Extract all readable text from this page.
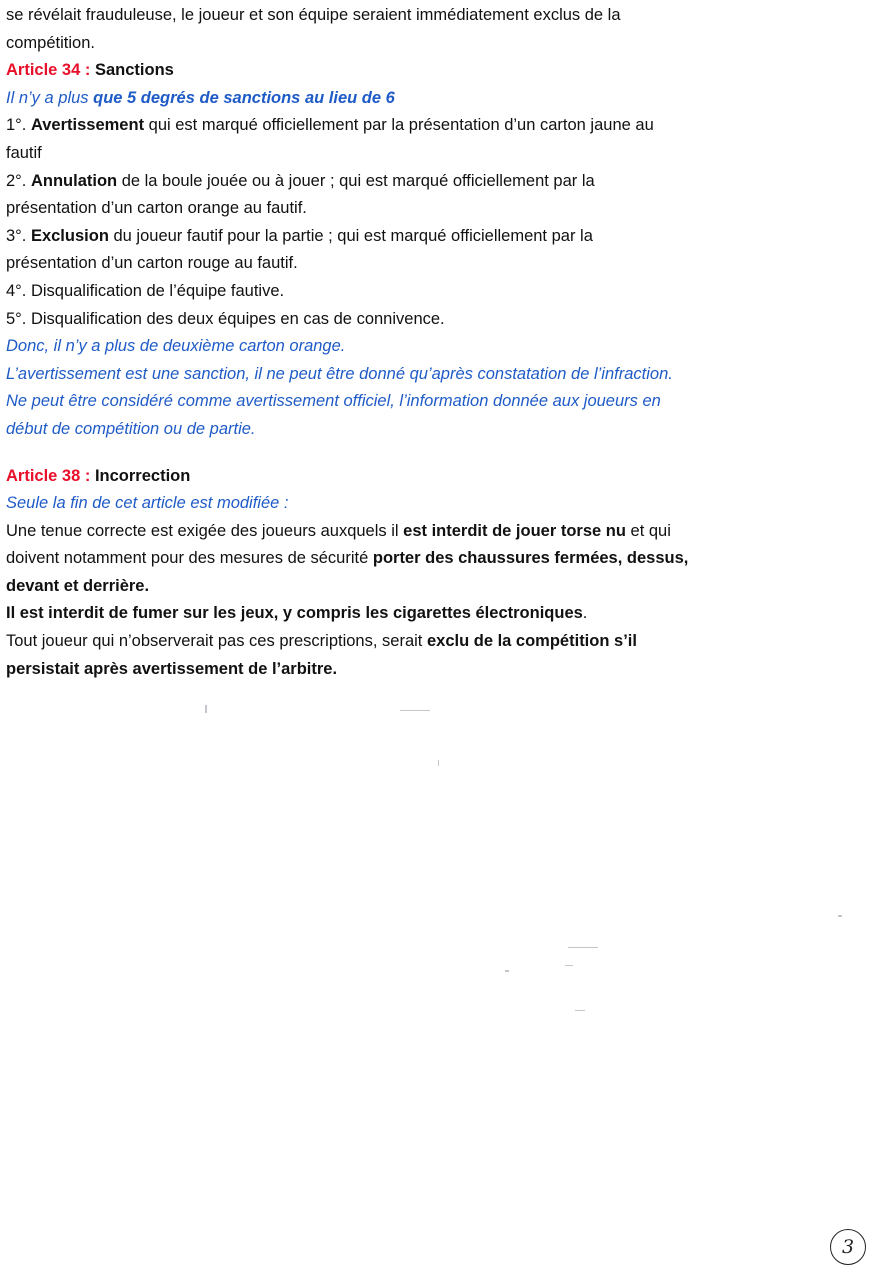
se révélait frauduleuse, le joueur et son équipe seraient immédiatement exclus de la
compétition.
Article 34 : Sanctions
Il n’y a plus que 5 degrés de sanctions au lieu de 6
1°. Avertissement qui est marqué officiellement par la présentation d’un carton jaune au
fautif
2°. Annulation de la boule jouée ou à jouer ; qui est marqué officiellement par la
présentation d’un carton orange au fautif.
3°. Exclusion du joueur fautif pour la partie ; qui est marqué officiellement par la
présentation d’un carton rouge au fautif.
4°. Disqualification de l’équipe fautive.
5°. Disqualification des deux équipes en cas de connivence.
Donc, il n’y a plus de deuxième carton orange.
L’avertissement est une sanction, il ne peut être donné qu’après constatation de l’infraction.
Ne peut être considéré comme avertissement officiel, l’information donnée aux joueurs en
début de compétition ou de partie.
Article 38 : Incorrection
Seule la fin de cet article est modifiée :
Une tenue correcte est exigée des joueurs auxquels il est interdit de jouer torse nu et qui
doivent notamment pour des mesures de sécurité porter des chaussures fermées, dessus,
devant et derrière.
Il est interdit de fumer sur les jeux, y compris les cigarettes électroniques.
Tout joueur qui n’observerait pas ces prescriptions, serait exclu de la compétition s’il
persistait après avertissement de l’arbitre.
3
